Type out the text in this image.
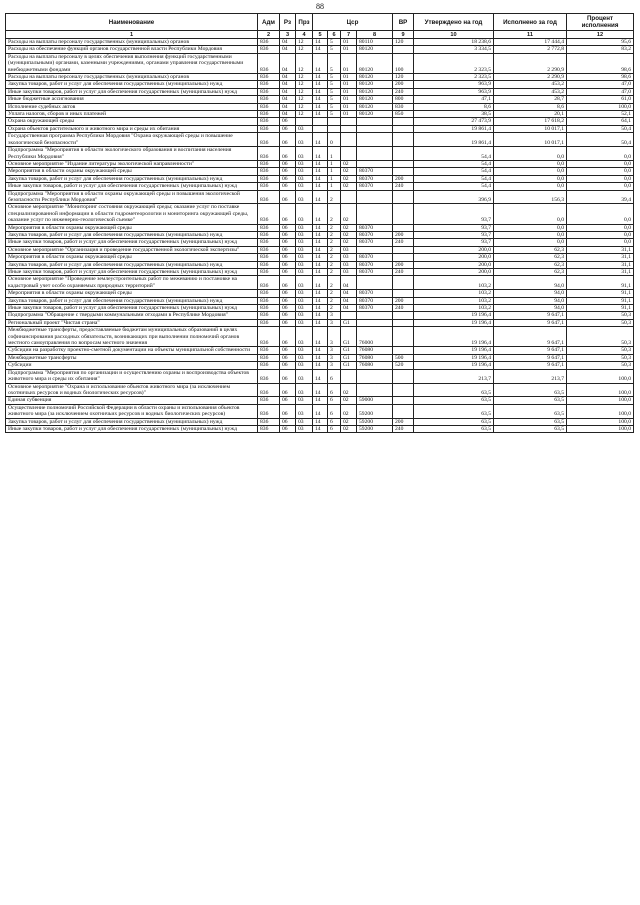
88
Наименование	Адм	Рз	Прз	Цср				ВР	Утверждено на год	Исполнено за год	Процент исполнения
1	2	3	4	5	6	7	8	9	10	11	12
Расходы на выплаты персоналу государственных (муниципальных) органов	836	04	12	14	5	01	80110	120	18 238,6	17 444,4	95,6
Расходы на обеспечение функций органов государственной власти Республики Мордовия	836	04	12	14	5	01	80120		3 334,5	2 772,8	83,2
Расходы на выплаты персоналу в целях обеспечения выполнения функций государственными (муниципальными) органами, казенными учреждениями, органами управления государственными внебюджетными фондами	836	04	12	14	5	01	80120	100	2 323,5	2 290,9	98,6
Расходы на выплаты персоналу государственных (муниципальных) органов	836	04	12	14	5	01	80120	120	2 323,5	2 290,9	98,6
Закупка товаров, работ и услуг для обеспечения государственных (муниципальных) нужд	836	04	12	14	5	01	80120	200	963,9	453,2	47,0
Иные закупки товаров, работ и услуг для обеспечения государственных (муниципальных) нужд	836	04	12	14	5	01	80120	240	963,9	453,2	47,0
Иные бюджетные ассигнования	836	04	12	14	5	01	80120	800	47,1	28,7	61,0
Исполнение судебных актов	836	04	12	14	5	01	80120	830	8,6	8,6	100,0
Уплата налогов, сборов и иных платежей	836	04	12	14	5	01	80120	850	38,5	20,1	52,1
Охрана окружающей среды	836	06							27 473,9	17 618,2	64,1
Охрана объектов растительного и животного мира и среды их обитания	836	06	03						19 861,4	10 017,1	50,4
Государственная программа Республики Мордовия "Охрана окружающей среды и повышение экологической безопасности"	836	06	03	14	0				19 861,4	10 017,1	50,4
Подпрограмма "Мероприятия в области экологического образования и воспитания населения Республики Мордовия"	836	06	03	14	1				54,4	0,0	0,0
Основное мероприятие "Издание литературы экологической направленности"	836	06	03	14	1	02			54,4	0,0	0,0
Мероприятия в области охраны окружающей среды	836	06	03	14	1	02	80370		54,4	0,0	0,0
Закупка товаров, работ и услуг для обеспечения государственных (муниципальных) нужд	836	06	03	14	1	02	80370	200	54,4	0,0	0,0
Иные закупки товаров, работ и услуг для обеспечения государственных (муниципальных) нужд	836	06	03	14	1	02	80370	240	54,4	0,0	0,0
Подпрограмма "Мероприятия в области охраны окружающей среды и повышения экологической безопасности Республики Мордовия"	836	06	03	14	2				396,9	156,3	39,4
Основное мероприятие "Мониторинг состояния окружающей среды; оказание услуг по поставке специализированной информации в области гидрометеорологии и мониторинга окружающей среды, оказание услуг по инженерно-геологической съемке"	836	06	03	14	2	02			93,7	0,0	0,0
Мероприятия в области охраны окружающей среды	836	06	03	14	2	02	80370		93,7	0,0	0,0
Закупка товаров, работ и услуг для обеспечения государственных (муниципальных) нужд	836	06	03	14	2	02	80370	200	93,7	0,0	0,0
Иные закупки товаров, работ и услуг для обеспечения государственных (муниципальных) нужд	836	06	03	14	2	02	80370	240	93,7	0,0	0,0
Основное мероприятие "Организация и проведение государственной экологической экспертизы"	836	06	03	14	2	03			200,0	62,3	31,1
Мероприятия в области охраны окружающей среды	836	06	03	14	2	03	80370		200,0	62,3	31,1
Закупка товаров, работ и услуг для обеспечения государственных (муниципальных) нужд	836	06	03	14	2	03	80370	200	200,0	62,3	31,1
Иные закупки товаров, работ и услуг для обеспечения государственных (муниципальных) нужд	836	06	03	14	2	03	80370	240	200,0	62,3	31,1
Основное мероприятие "Проведение землеустроительных работ по межеванию и постановке на кадастровый учет особо охраняемых природных территорий"	836	06	03	14	2	04			103,2	94,0	91,1
Мероприятия в области охраны окружающей среды	836	06	03	14	2	04	80370		103,2	94,0	91,1
Закупка товаров, работ и услуг для обеспечения государственных (муниципальных) нужд	836	06	03	14	2	04	80370	200	103,2	94,0	91,1
Иные закупки товаров, работ и услуг для обеспечения государственных (муниципальных) нужд	836	06	03	14	2	04	80370	240	103,2	94,0	91,1
Подпрограмма "Обращение с твердыми коммунальными отходами в Республике Мордовия"	836	06	03	14	3				19 196,4	9 647,1	50,3
Региональный проект "Чистая страна"	836	06	03	14	3	G1			19 196,4	9 647,1	50,3
Межбюджетные трансферты, предоставляемые бюджетам муниципальных образований в целях софинансирования расходных обязательств, возникающих при выполнении полномочий органов местного самоуправления по вопросам местного значения	836	06	03	14	3	G1	76000		19 196,4	9 647,1	50,3
Субсидии на разработку проектно-сметной документации на объекты муниципальной собственности	836	06	03	14	3	G1	76080		19 196,4	9 647,1	50,3
Межбюджетные трансферты	836	06	03	14	3	G1	76080	500	19 196,4	9 647,1	50,3
Субсидии	836	06	03	14	3	G1	76080	520	19 196,4	9 647,1	50,3
Подпрограмма "Мероприятия по организации и осуществлению охраны и воспроизводства объектов животного мира и среды их обитания"	836	06	03	14	6				213,7	213,7	100,0
Основное мероприятие "Охрана и использование объектов животного мира (за исключением охотничьих ресурсов и водных биологических ресурсов)"	836	06	03	14	6	02			63,5	63,5	100,0
Единая субвенция	836	06	03	14	6	02	59000		63,5	63,5	100,0
Осуществление полномочий Российской Федерации в области охраны и использования объектов животного мира (за исключением охотничьих ресурсов и водных биологических ресурсов)	836	06	03	14	6	02	59200		63,5	63,5	100,0
Закупка товаров, работ и услуг для обеспечения государственных (муниципальных) нужд	836	06	03	14	6	02	59200	200	63,5	63,5	100,0
Иные закупки товаров, работ и услуг для обеспечения государственных (муниципальных) нужд	836	06	03	14	6	02	59200	240	63,5	63,5	100,0
